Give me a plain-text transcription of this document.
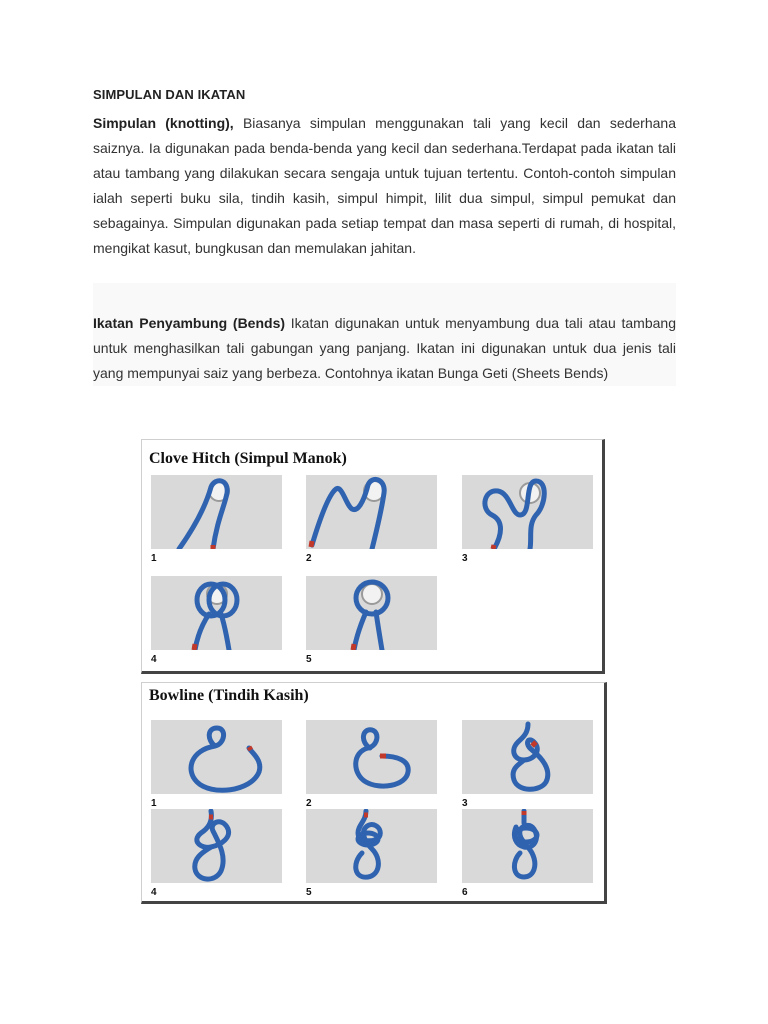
SIMPULAN DAN IKATAN
Simpulan (knotting), Biasanya simpulan menggunakan tali yang kecil dan sederhana saiznya. Ia digunakan pada benda-benda yang kecil dan sederhana.Terdapat pada ikatan tali atau tambang yang dilakukan secara sengaja untuk tujuan tertentu. Contoh-contoh simpulan ialah seperti buku sila, tindih kasih, simpul himpit, lilit dua simpul, simpul pemukat dan sebagainya. Simpulan digunakan pada setiap tempat dan masa seperti di rumah, di hospital, mengikat kasut, bungkusan dan memulakan jahitan.
Ikatan Penyambung (Bends) Ikatan digunakan untuk menyambung dua tali atau tambang untuk menghasilkan tali gabungan yang panjang. Ikatan ini digunakan untuk dua jenis tali yang mempunyai saiz yang berbeza. Contohnya ikatan Bunga Geti (Sheets Bends)
Clove Hitch (Simpul Manok)
1	2	3
4	5
Bowline (Tindih Kasih)
1	2	3
4	5	6
